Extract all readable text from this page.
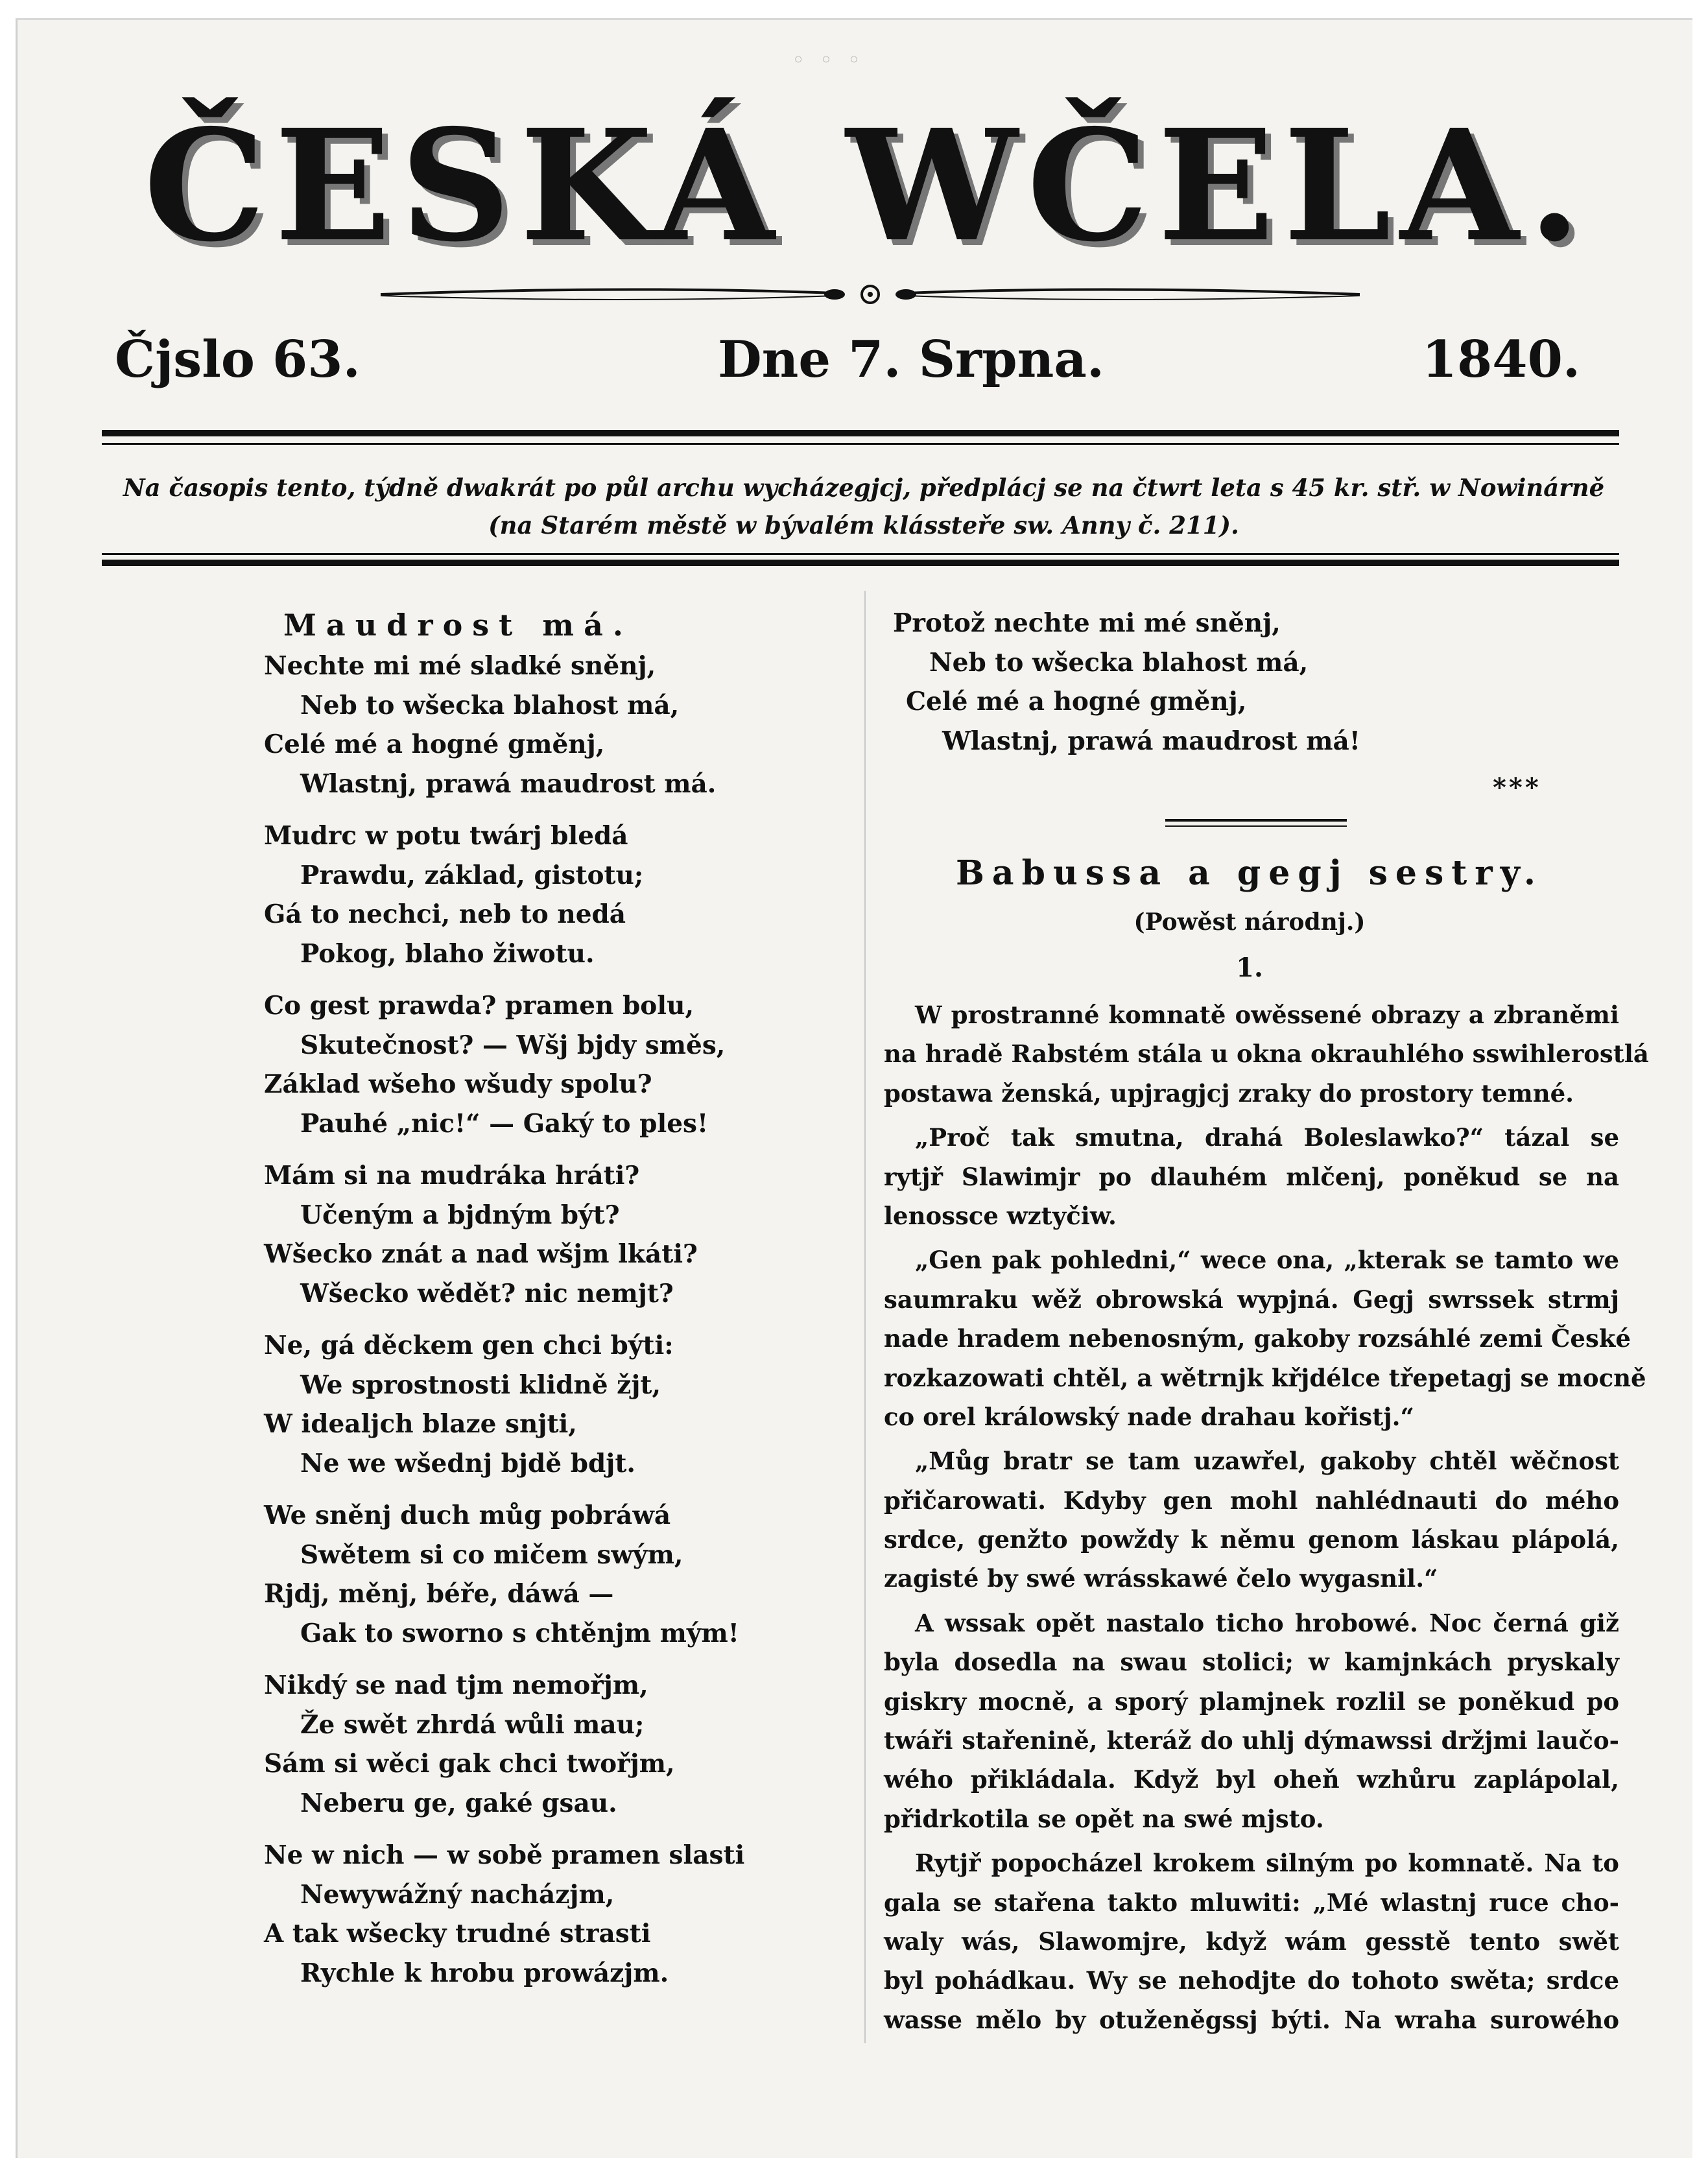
◦ ◦ ◦
ČESKÁ WČELA.
Čjslo 63.	Dne 7. Srpna.	1840.
Na časopis tento, týdně dwakrát po půl archu wycházegjcj, předplácj se na čtwrt leta s 45 kr. stř. w Nowinárně
(na Starém městě w bývalém klássteře sw. Anny č. 211).
Maudrost má.
Nechte mi mé sladké sněnj,
Neb to wšecka blahost má,
Celé mé a hogné gměnj,
Wlastnj, prawá maudrost má.
Mudrc w potu twárj bledá
Prawdu, základ, gistotu;
Gá to nechci, neb to nedá
Pokog, blaho žiwotu.
Co gest prawda? pramen bolu,
Skutečnost? — Wšj bjdy směs,
Základ wšeho wšudy spolu?
Pauhé „nic!“ — Gaký to ples!
Mám si na mudráka hráti?
Učeným a bjdným být?
Wšecko znát a nad wšjm lkáti?
Wšecko wědět? nic nemjt?
Ne, gá děckem gen chci býti:
We sprostnosti klidně žjt,
W idealjch blaze snjti,
Ne we wšednj bjdě bdjt.
We sněnj duch můg pobráwá
Swětem si co mičem swým,
Rjdj, měnj, béře, dáwá —
Gak to sworno s chtěnjm mým!
Nikdý se nad tjm nemořjm,
Že swět zhrdá wůli mau;
Sám si wěci gak chci twořjm,
Neberu ge, gaké gsau.
Ne w nich — w sobě pramen slasti
Newywážný nacházjm,
A tak wšecky trudné strasti
Rychle k hrobu prowázjm.
Protož nechte mi mé sněnj,
Neb to wšecka blahost má,
Celé mé a hogné gměnj,
Wlastnj, prawá maudrost má!
***
Babussa a gegj sestry.
(Powěst národnj.)
1.
W prostranné komnatě owěssené obrazy a zbraněmi
na hradě Rabstém stála u okna okrauhlého sswihlerostlá
postawa ženská, upjragjcj zraky do prostory temné.
„Proč tak smutna, drahá Boleslawko?“ tázal se
rytjř Slawimjr po dlauhém mlčenj, poněkud se na
lenossce wztyčiw.
„Gen pak pohledni,“ wece ona, „kterak se tamto we
saumraku wěž obrowská wypjná. Gegj swrssek strmj
nade hradem nebenosným, gakoby rozsáhlé zemi České
rozkazowati chtěl, a wětrnjk křjdélce třepetagj se mocně
co orel králowský nade drahau kořistj.“
„Můg bratr se tam uzawřel, gakoby chtěl wěčnost
přičarowati. Kdyby gen mohl nahlédnauti do mého
srdce, genžto powždy k němu genom láskau plápolá,
zagisté by swé wrásskawé čelo wygasnil.“
A wssak opět nastalo ticho hrobowé. Noc černá giž
byla dosedla na swau stolici; w kamjnkách pryskaly
giskry mocně, a sporý plamjnek rozlil se poněkud po
twáři stařenině, kteráž do uhlj dýmawssi držjmi laučo-
wého přikládala. Když byl oheň wzhůru zaplápolal,
přidrkotila se opět na swé mjsto.
Rytjř popocházel krokem silným po komnatě. Na to
gala se stařena takto mluwiti: „Mé wlastnj ruce cho-
waly wás, Slawomjre, když wám gesstě tento swět
byl pohádkau. Wy se nehodjte do tohoto swěta; srdce
wasse mělo by otuženěgssj býti. Na wraha surowého
